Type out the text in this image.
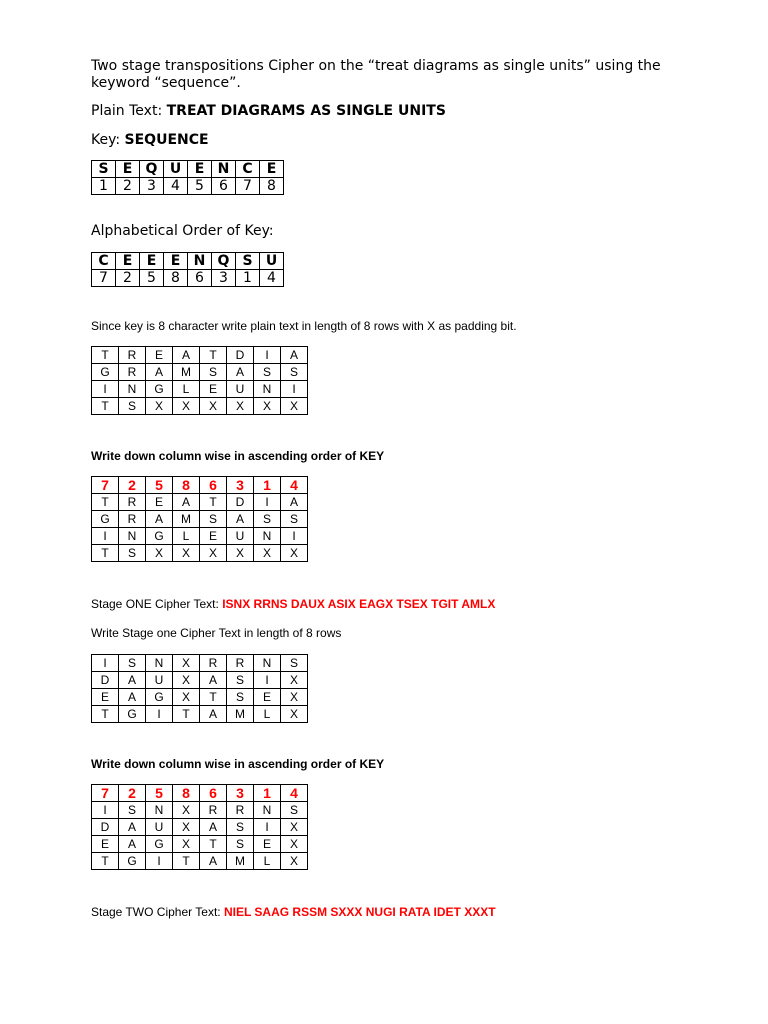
Two stage transpositions Cipher on the “treat diagrams as single units” using the keyword “sequence”.

Plain Text: TREAT DIAGRAMS AS SINGLE UNITS

Key: SEQUENCE

S	E	Q	U	E	N	C	E
1	2	3	4	5	6	7	8

Alphabetical Order of Key:

C	E	E	E	N	Q	S	U
7	2	5	8	6	3	1	4

Since key is 8 character write plain text in length of 8 rows with X as padding bit.

T	R	E	A	T	D	I	A
G	R	A	M	S	A	S	S
I	N	G	L	E	U	N	I
T	S	X	X	X	X	X	X

Write down column wise in ascending order of KEY

7	2	5	8	6	3	1	4
T	R	E	A	T	D	I	A
G	R	A	M	S	A	S	S
I	N	G	L	E	U	N	I
T	S	X	X	X	X	X	X

Stage ONE Cipher Text: ISNX RRNS DAUX ASIX EAGX TSEX TGIT AMLX

Write Stage one Cipher Text in length of 8 rows

I	S	N	X	R	R	N	S
D	A	U	X	A	S	I	X
E	A	G	X	T	S	E	X
T	G	I	T	A	M	L	X

Write down column wise in ascending order of KEY

7	2	5	8	6	3	1	4
I	S	N	X	R	R	N	S
D	A	U	X	A	S	I	X
E	A	G	X	T	S	E	X
T	G	I	T	A	M	L	X

Stage TWO Cipher Text: NIEL SAAG RSSM SXXX NUGI RATA IDET XXXT
